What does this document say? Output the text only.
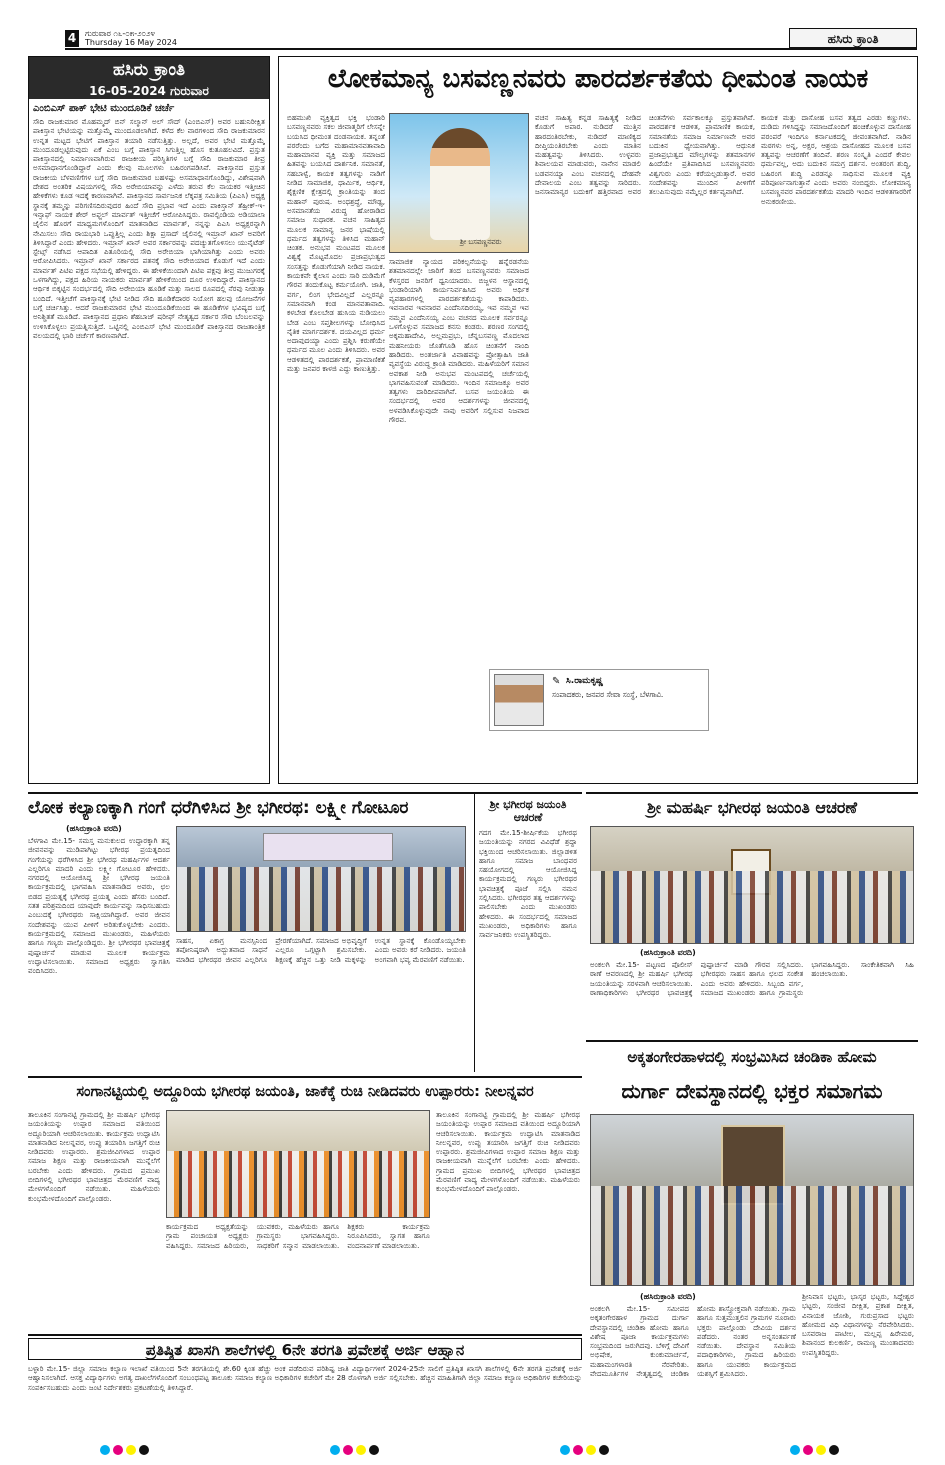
4	ಗುರುವಾರ ೧೬-೦೫-೨೦೨೪
Thursday 16 May 2024	ಹಸಿರು ಕ್ರಾಂತಿ
ಹಸಿರು ಕ್ರಾಂತಿ
16-05-2024 ಗುರುವಾರ
ಎಂಬಿಎಸ್ ಪಾಕ್ ಭೇಟಿ ಮುಂದೂಡಿಕೆ ಚರ್ಚೆ
ಸೌದಿ ರಾಜಕುಮಾರ ಮೊಹಮ್ಮದ್ ಬಿನ್ ಸಲ್ಮಾನ್ ಅಲ್ ಸೌದ್ (ಎಂಬಿಎಸ್) ಅವರ ಬಹುನಿರೀಕ್ಷಿತ ಪಾಕಿಸ್ತಾನ ಭೇಟಿಯನ್ನು ಮತ್ತೊಮ್ಮೆ ಮುಂದೂಡಲಾಗಿದೆ. ಕಳೆದ ಕೆಲ ವಾರಗಳಿಂದ ಸೌದಿ ರಾಜಕುಮಾರನ ಉನ್ನತ ಮಟ್ಟದ ಭೇಟಿಗೆ ಪಾಕಿಸ್ತಾನ ತಯಾರಿ ನಡೆಸುತ್ತಿತ್ತು. ಅಲ್ಲದೆ, ಅವರ ಭೇಟಿ ಮತ್ತೊಮ್ಮೆ ಮುಂದೂಡಲ್ಪಟ್ಟಿರುವುದು ಏಕೆ ಎಂಬ ಬಗ್ಗೆ ಪಾಕಿಸ್ತಾನ ಸಿಗುತ್ತಿಲ್ಲ ಹೊಸ ಕುತೂಹಲವಿದೆ. ಪ್ರಸ್ತುತ ಪಾಕಿಸ್ತಾನದಲ್ಲಿ ನಿರ್ಮಾಣವಾಗಿರುವ ರಾಜಕೀಯ ಪರಿಸ್ಥಿತಿಗಳ ಬಗ್ಗೆ ಸೌದಿ ರಾಜಕುಮಾರ ತೀವ್ರ ಅಸಮಾಧಾನಗೊಂಡಿದ್ದಾರೆ ಎಂದು ಕೆಲವು ಮೂಲಗಳು ಬಹಿರಂಗಪಡಿಸಿವೆ. ಪಾಕಿಸ್ತಾನದ ಪ್ರಸ್ತುತ ರಾಜಕೀಯ ಬೆಳವಣಿಗೆಗಳ ಬಗ್ಗೆ ಸೌದಿ ರಾಜಕುಮಾರ ಬಹಳಷ್ಟು ಅಸಮಾಧಾನಗೊಂಡಿದ್ದು, ವಿಶೇಷವಾಗಿ ದೇಶದ ಅಂತರಿಕ ವಿಷಯಗಳಲ್ಲಿ ಸೌದಿ ಅರೇಬಿಯಾವನ್ನು ಎಳೆದು ತರುವ ಕೆಲ ನಾಯಕರ ಇತ್ತೀಚಿನ ಹೇಳಿಕೆಗಳು ಕೂಡ ಇದಕ್ಕೆ ಕಾರಣವಾಗಿವೆ. ಪಾಕಿಸ್ತಾನದ ಸಾರ್ವಜನಿಕ ಲೆಕ್ಕಪತ್ರ ಸಮಿತಿಯ (ಪಿಎಸಿ) ಅಧ್ಯಕ್ಷ ಸ್ಥಾನಕ್ಕೆ ತಮ್ಮನ್ನು ಪರಿಗಣಿಸದಿರುವುದರ ಹಿಂದೆ ಸೌದಿ ಪ್ರಭಾವ ಇದೆ ಎಂದು ಪಾಕಿಸ್ತಾನ್ ತೆಹ್ರೀಕ್-ಇ-ಇನ್ಸಾಫ್ ನಾಯಕ ಶೇರ್ ಅಫ್ಜಲ್ ಮಾರ್ವತ್ ಇತ್ತೀಚೆಗೆ ಆರೋಪಿಸಿದ್ದರು. ರಾವಲ್ಪಿಂಡಿಯ ಅಡಿಯಾಲಾ ಜೈಲಿನ ಹೊರಗೆ ಮಾಧ್ಯಮಗಳೊಂದಿಗೆ ಮಾತನಾಡಿದ ಮಾರ್ವತ್, ನನ್ನನ್ನು ಪಿಎಸಿ ಅಧ್ಯಕ್ಷರನ್ನಾಗಿ ನೇಮಿಸಲು ಸೌದಿ ರಾಯಭಾರಿ ಒಪ್ಪುತ್ತಿಲ್ಲ ಎಂದು ಶಿಕ್ಷಾ ಪ್ರಸಾದ್ ಜೈಲಿನಲ್ಲಿ ಇಮ್ರಾನ್ ಖಾನ್ ಅವರಿಗೆ ತಿಳಿಸಿದ್ದಾರೆ ಎಂದು ಹೇಳಿದರು. ಇಮ್ರಾನ್ ಖಾನ್ ಅವರ ಸರ್ಕಾರವನ್ನು ಪದಚ್ಯುತಗೊಳಿಸಲು ಯುನೈಟೆಡ್ ಸ್ಟೇಟ್ಸ್ ನಡೆಸಿದ ಆಪಾದಿತ ಪಿತೂರಿಯಲ್ಲಿ ಸೌದಿ ಅರೇಬಿಯಾ ಭಾಗಿಯಾಗಿತ್ತು ಎಂದು ಅವರು ಆರೋಪಿಸಿದರು. ಇಮ್ರಾನ್ ಖಾನ್ ಸರ್ಕಾರದ ಪತನಕ್ಕೆ ಸೌದಿ ಅರೇಬಿಯಾದ ಕೊಡುಗೆ ಇದೆ ಎಂದು ಮಾರ್ವತ್ ಪಿಟಿಐ ಪಕ್ಷದ ಸಭೆಯಲ್ಲಿ ಹೇಳಿದ್ದರು. ಈ ಹೇಳಿಕೆಯಿಂದಾಗಿ ಪಿಟಿಐ ಪಕ್ಷವು ತೀವ್ರ ಮುಜುಗರಕ್ಕೆ ಒಳಗಾಗಿದ್ದು, ಪಕ್ಷದ ಹಿರಿಯ ನಾಯಕರು ಮಾರ್ವತ್ ಹೇಳಿಕೆಯಿಂದ ದೂರ ಉಳಿದಿದ್ದಾರೆ. ಪಾಕಿಸ್ತಾನದ ಆರ್ಥಿಕ ಬಿಕ್ಕಟ್ಟಿನ ಸಂದರ್ಭದಲ್ಲಿ ಸೌದಿ ಅರೇಬಿಯಾ ಹೂಡಿಕೆ ಮತ್ತು ಸಾಲದ ರೂಪದಲ್ಲಿ ನೆರವು ನೀಡುತ್ತಾ ಬಂದಿದೆ. ಇತ್ತೀಚೆಗೆ ಪಾಕಿಸ್ತಾನಕ್ಕೆ ಭೇಟಿ ನೀಡಿದ ಸೌದಿ ಹೂಡಿಕೆದಾರರ ನಿಯೋಗ ಹಲವು ಯೋಜನೆಗಳ ಬಗ್ಗೆ ಚರ್ಚಿಸಿತ್ತು. ಆದರೆ ರಾಜಕುಮಾರನ ಭೇಟಿ ಮುಂದೂಡಿಕೆಯಿಂದ ಈ ಹೂಡಿಕೆಗಳ ಭವಿಷ್ಯದ ಬಗ್ಗೆ ಅನಿಶ್ಚಿತತೆ ಮೂಡಿದೆ. ಪಾಕಿಸ್ತಾನದ ಪ್ರಧಾನಿ ಶೆಹಬಾಜ್ ಷರೀಫ್ ನೇತೃತ್ವದ ಸರ್ಕಾರ ಸೌದಿ ಬೆಂಬಲವನ್ನು ಉಳಿಸಿಕೊಳ್ಳಲು ಪ್ರಯತ್ನಿಸುತ್ತಿದೆ. ಒಟ್ಟಿನಲ್ಲಿ ಎಂಬಿಎಸ್ ಭೇಟಿ ಮುಂದೂಡಿಕೆ ಪಾಕಿಸ್ತಾನದ ರಾಜತಾಂತ್ರಿಕ ವಲಯದಲ್ಲಿ ಭಾರಿ ಚರ್ಚೆಗೆ ಕಾರಣವಾಗಿದೆ.
ಲೋಕಮಾನ್ಯ ಬಸವಣ್ಣನವರು ಪಾರದರ್ಶಕತೆಯ ಧೀಮಂತ ನಾಯಕ
ಶ್ರೀ ಬಸವಣ್ಣನವರು
ಬಿಹಮುಖಿ ವ್ಯಕ್ತಿತ್ವದ ಭಕ್ತಿ ಭಂಡಾರಿ ಬಸವಣ್ಣನವರು ಸಕಲ ಜೀವಾತ್ಮರಿಗೆ ಲೇಸನ್ನೇ ಬಯಸಿದ ಧೀಮಂತ ದಂಡನಾಯಕ. ತನ್ನಂತೆ ಪರರೆಂದು ಬಗೆದ ಮಹಾಮಾನವತಾವಾದಿ ಮಹಾಮಾನವ ವ್ಯಕ್ತಿ ಮತ್ತು ಸಮಾಜದ ಹಿತವನ್ನು ಬಯಸಿದ ದಾರ್ಶನಿಕ. ಸಮಾನತೆ, ಸಹಬಾಳ್ವೆ, ಕಾಯಕ ತತ್ವಗಳನ್ನು ನಾಡಿಗೆ ನೀಡಿದ ಸಾಮಾಜಿಕ, ಧಾರ್ಮಿಕ, ಆರ್ಥಿಕ, ಶೈಕ್ಷಣಿಕ ಕ್ಷೇತ್ರದಲ್ಲಿ ಕ್ರಾಂತಿಯನ್ನು ತಂದ ಮಹಾನ್ ಪುರುಷ. ಅಂಧಶ್ರದ್ಧೆ, ಮೌಢ್ಯ, ಅಸಮಾನತೆಯ ವಿರುದ್ಧ ಹೋರಾಡಿದ ಸಮಾಜ ಸುಧಾರಕ. ವಚನ ಸಾಹಿತ್ಯದ ಮೂಲಕ ಸಾಮಾನ್ಯ ಜನರ ಭಾಷೆಯಲ್ಲಿ ಧರ್ಮದ ತತ್ವಗಳನ್ನು ತಿಳಿಸಿದ ಮಹಾನ್ ಚಿಂತಕ. ಅನುಭವ ಮಂಟಪದ ಮೂಲಕ ವಿಶ್ವಕ್ಕೆ ಮೊಟ್ಟಮೊದಲ ಪ್ರಜಾಪ್ರಭುತ್ವದ ಸಂಸತ್ತನ್ನು ಕೊಡುಗೆಯಾಗಿ ನೀಡಿದ ನಾಯಕ. ಕಾಯಕವೇ ಕೈಲಾಸ ಎಂದು ಸಾರಿ ದುಡಿಮೆಗೆ ಗೌರವ ತಂದುಕೊಟ್ಟ ಕರ್ಮಯೋಗಿ. ಜಾತಿ, ವರ್ಗ, ಲಿಂಗ ಭೇದವಿಲ್ಲದೆ ಎಲ್ಲರನ್ನೂ ಸಮಾನವಾಗಿ ಕಂಡ ಮಾನವತಾವಾದಿ. ಕಳಬೇಡ ಕೊಲಬೇಡ ಹುಸಿಯ ನುಡಿಯಲು ಬೇಡ ಎಂಬ ಸಪ್ತಶೀಲಗಳನ್ನು ಬೋಧಿಸಿದ ನೈತಿಕ ಮಾರ್ಗದರ್ಶಕ. ದಯವಿಲ್ಲದ ಧರ್ಮ ಅದಾವುದಯ್ಯಾ ಎಂದು ಪ್ರಶ್ನಿಸಿ ಕರುಣೆಯೇ ಧರ್ಮದ ಮೂಲ ಎಂದು ತಿಳಿಸಿದರು. ಅವರ ಆಡಳಿತದಲ್ಲಿ ಪಾರದರ್ಶಕತೆ, ಪ್ರಾಮಾಣಿಕತೆ ಮತ್ತು ಜನಪರ ಕಾಳಜಿ ಎದ್ದು ಕಾಣುತ್ತಿತ್ತು.
ಸಾಮಾಜಿಕ ನ್ಯಾಯದ ಪರಿಕಲ್ಪನೆಯನ್ನು ಹನ್ನೆರಡನೆಯ ಶತಮಾನದಲ್ಲೇ ಜಾರಿಗೆ ತಂದ ಬಸವಣ್ಣನವರು ಸಮಾಜದ ಕೆಳಸ್ತರದ ಜನರಿಗೆ ಧ್ವನಿಯಾದರು. ಬಿಜ್ಜಳನ ಆಸ್ಥಾನದಲ್ಲಿ ಭಂಡಾರಿಯಾಗಿ ಕಾರ್ಯನಿರ್ವಹಿಸಿದ ಅವರು ಆರ್ಥಿಕ ವ್ಯವಹಾರಗಳಲ್ಲಿ ಪಾರದರ್ಶಕತೆಯನ್ನು ಕಾಪಾಡಿದರು. ಇವನಾರವ ಇವನಾರವ ಎಂದೆನಿಸದಿರಯ್ಯ, ಇವ ನಮ್ಮವ ಇವ ನಮ್ಮವ ಎಂದೆನಿಸಯ್ಯ ಎಂಬ ವಚನದ ಮೂಲಕ ಸರ್ವರನ್ನೂ ಒಳಗೊಳ್ಳುವ ಸಮಾಜದ ಕನಸು ಕಂಡರು. ಶರಣರ ಸಂಗದಲ್ಲಿ ಅಕ್ಕಮಹಾದೇವಿ, ಅಲ್ಲಮಪ್ರಭು, ಚೆನ್ನಬಸವಣ್ಣ ಮೊದಲಾದ ಮಹನೀಯರು ಜೊತೆಗೂಡಿ ಹೊಸ ಚಿಂತನೆಗೆ ನಾಂದಿ ಹಾಡಿದರು. ಅಂತರ್ಜಾತಿ ವಿವಾಹವನ್ನು ಪ್ರೋತ್ಸಾಹಿಸಿ ಜಾತಿ ವ್ಯವಸ್ಥೆಯ ವಿರುದ್ಧ ಕ್ರಾಂತಿ ಮಾಡಿದರು. ಮಹಿಳೆಯರಿಗೆ ಸಮಾನ ಅವಕಾಶ ನೀಡಿ ಅನುಭವ ಮಂಟಪದಲ್ಲಿ ಚರ್ಚೆಯಲ್ಲಿ ಭಾಗವಹಿಸುವಂತೆ ಮಾಡಿದರು. ಇಂದಿನ ಸಮಾಜಕ್ಕೂ ಅವರ ತತ್ವಗಳು ದಾರಿದೀಪವಾಗಿವೆ. ಬಸವ ಜಯಂತಿಯ ಈ ಸಂದರ್ಭದಲ್ಲಿ ಅವರ ಆದರ್ಶಗಳನ್ನು ಜೀವನದಲ್ಲಿ ಅಳವಡಿಸಿಕೊಳ್ಳುವುದೇ ನಾವು ಅವರಿಗೆ ಸಲ್ಲಿಸುವ ನಿಜವಾದ ಗೌರವ.
ವಚನ ಸಾಹಿತ್ಯ ಕನ್ನಡ ಸಾಹಿತ್ಯಕ್ಕೆ ನೀಡಿದ ಕೊಡುಗೆ ಅಪಾರ. ನುಡಿದರೆ ಮುತ್ತಿನ ಹಾರದಂತಿರಬೇಕು, ನುಡಿದರೆ ಮಾಣಿಕ್ಯದ ದೀಪ್ತಿಯಂತಿರಬೇಕು ಎಂದು ಮಾತಿನ ಮಹತ್ವವನ್ನು ತಿಳಿಸಿದರು. ಉಳ್ಳವರು ಶಿವಾಲಯವ ಮಾಡುವರು, ನಾನೇನ ಮಾಡಲಿ ಬಡವನಯ್ಯಾ ಎಂಬ ವಚನದಲ್ಲಿ ದೇಹವೇ ದೇವಾಲಯ ಎಂಬ ತತ್ವವನ್ನು ಸಾರಿದರು. ಜನಸಾಮಾನ್ಯರ ಬದುಕಿಗೆ ಹತ್ತಿರವಾದ ಅವರ ಚಿಂತನೆಗಳು ಸರ್ವಕಾಲಕ್ಕೂ ಪ್ರಸ್ತುತವಾಗಿವೆ. ಪಾರದರ್ಶಕ ಆಡಳಿತ, ಪ್ರಾಮಾಣಿಕ ಕಾಯಕ, ಸಮಾನತೆಯ ಸಮಾಜ ನಿರ್ಮಾಣವೇ ಅವರ ಬದುಕಿನ ಧ್ಯೇಯವಾಗಿತ್ತು. ಆಧುನಿಕ ಪ್ರಜಾಪ್ರಭುತ್ವದ ಮೌಲ್ಯಗಳನ್ನು ಶತಮಾನಗಳ ಹಿಂದೆಯೇ ಪ್ರತಿಪಾದಿಸಿದ ಬಸವಣ್ಣನವರು ವಿಶ್ವಗುರು ಎಂದು ಕರೆಯಲ್ಪಡುತ್ತಾರೆ. ಅವರ ಸಂದೇಶವನ್ನು ಮುಂದಿನ ಪೀಳಿಗೆಗೆ ತಲುಪಿಸುವುದು ನಮ್ಮೆಲ್ಲರ ಕರ್ತವ್ಯವಾಗಿದೆ.
✎ ಸಿ.ರಾಮಕೃಷ್ಣ
ಸಂಪಾದಕರು, ಜನಪರ ಸೇವಾ ಸಂಸ್ಥೆ, ಬೆಳಗಾವಿ.
ಕಾಯಕ ಮತ್ತು ದಾಸೋಹ ಬಸವ ತತ್ವದ ಎರಡು ಕಣ್ಣುಗಳು. ದುಡಿದು ಗಳಿಸಿದ್ದನ್ನು ಸಮಾಜದೊಂದಿಗೆ ಹಂಚಿಕೊಳ್ಳುವ ದಾಸೋಹ ಪರಂಪರೆ ಇಂದಿಗೂ ಕರ್ನಾಟಕದಲ್ಲಿ ಜೀವಂತವಾಗಿದೆ. ನಾಡಿನ ಮಠಗಳು ಅನ್ನ, ಅಕ್ಷರ, ಆಶ್ರಯ ದಾಸೋಹದ ಮೂಲಕ ಬಸವ ತತ್ವವನ್ನು ಆಚರಣೆಗೆ ತಂದಿವೆ. ಶರಣ ಸಂಸ್ಕೃತಿ ಎಂದರೆ ಕೇವಲ ಧರ್ಮವಲ್ಲ, ಅದು ಬದುಕಿನ ಸಮಗ್ರ ದರ್ಶನ. ಅಂತರಂಗ ಶುದ್ಧಿ, ಬಹಿರಂಗ ಶುದ್ಧಿ ಎರಡನ್ನೂ ಸಾಧಿಸುವ ಮೂಲಕ ವ್ಯಕ್ತಿ ಪರಿಪೂರ್ಣನಾಗುತ್ತಾನೆ ಎಂದು ಅವರು ನಂಬಿದ್ದರು. ಲೋಕಮಾನ್ಯ ಬಸವಣ್ಣನವರ ಪಾರದರ್ಶಕತೆಯ ಮಾದರಿ ಇಂದಿನ ಆಡಳಿತಗಾರರಿಗೆ ಅನುಕರಣೀಯ.
ಲೋಕ ಕಲ್ಯಾಣಕ್ಕಾಗಿ ಗಂಗೆ ಧರೆಗಿಳಿಸಿದ ಶ್ರೀ ಭಗೀರಥ: ಲಕ್ಷ್ಮೀ ಗೋಟೂರ
(ಹಸಿರುಕ್ರಾಂತಿ ವರದಿ)
ಬೆಳಗಾವಿ ಮೇ.15- ಸಮಸ್ತ ಮನುಕುಲದ ಉದ್ಧಾರಕ್ಕಾಗಿ ತನ್ನ ಜೀವನವನ್ನು ಮುಡಿಪಾಗಿಟ್ಟು ಭಗೀರಥ ಪ್ರಯತ್ನದಿಂದ ಗಂಗೆಯನ್ನು ಧರೆಗಿಳಿಸಿದ ಶ್ರೀ ಭಗೀರಥ ಮಹರ್ಷಿಗಳ ಆದರ್ಶ ಎಲ್ಲರಿಗೂ ಮಾದರಿ ಎಂದು ಲಕ್ಷ್ಮೀ ಗೋಟೂರ ಹೇಳಿದರು. ನಗರದಲ್ಲಿ ಆಯೋಜಿಸಿದ್ದ ಶ್ರೀ ಭಗೀರಥ ಜಯಂತಿ ಕಾರ್ಯಕ್ರಮದಲ್ಲಿ ಭಾಗವಹಿಸಿ ಮಾತನಾಡಿದ ಅವರು, ಛಲ ಬಿಡದ ಪ್ರಯತ್ನಕ್ಕೆ ಭಗೀರಥ ಪ್ರಯತ್ನ ಎಂದು ಹೆಸರು ಬಂದಿದೆ. ಸತತ ಪರಿಶ್ರಮದಿಂದ ಯಾವುದೇ ಕಾರ್ಯವನ್ನು ಸಾಧಿಸಬಹುದು ಎಂಬುದಕ್ಕೆ ಭಗೀರಥರು ಸಾಕ್ಷಿಯಾಗಿದ್ದಾರೆ. ಅವರ ಜೀವನ ಸಂದೇಶವನ್ನು ಯುವ ಪೀಳಿಗೆ ಅರಿತುಕೊಳ್ಳಬೇಕು ಎಂದರು. ಕಾರ್ಯಕ್ರಮದಲ್ಲಿ ಸಮಾಜದ ಮುಖಂಡರು, ಮಹಿಳೆಯರು ಹಾಗೂ ಗಣ್ಯರು ಪಾಲ್ಗೊಂಡಿದ್ದರು. ಶ್ರೀ ಭಗೀರಥರ ಭಾವಚಿತ್ರಕ್ಕೆ ಪುಷ್ಪಾರ್ಚನೆ ಮಾಡುವ ಮೂಲಕ ಕಾರ್ಯಕ್ರಮ ಉದ್ಘಾಟಿಸಲಾಯಿತು. ಸಮಾಜದ ಅಧ್ಯಕ್ಷರು ಸ್ವಾಗತಿಸಿ ವಂದಿಸಿದರು.
ಸಾಹಸ, ಏಕಾಗ್ರ ಮನಸ್ಸಿನಿಂದ ತಪೋನಿಷ್ಠರಾಗಿ ಅದ್ಭುತವಾದ ಸಾಧನೆ ಮಾಡಿದ ಭಗೀರಥರ ಜೀವನ ಎಲ್ಲರಿಗೂ ಪ್ರೇರಣೆಯಾಗಿದೆ. ಸಮಾಜದ ಅಭಿವೃದ್ಧಿಗೆ ಎಲ್ಲರೂ ಒಗ್ಗಟ್ಟಾಗಿ ಶ್ರಮಿಸಬೇಕು. ಶಿಕ್ಷಣಕ್ಕೆ ಹೆಚ್ಚಿನ ಒತ್ತು ನೀಡಿ ಮಕ್ಕಳನ್ನು ಉನ್ನತ ಸ್ಥಾನಕ್ಕೆ ಕೊಂಡೊಯ್ಯಬೇಕು ಎಂದು ಅವರು ಕರೆ ನೀಡಿದರು. ಜಯಂತಿ ಅಂಗವಾಗಿ ಭವ್ಯ ಮೆರವಣಿಗೆ ನಡೆಯಿತು.
ಶ್ರೀ ಭಗೀರಥ ಜಯಂತಿ ಆಚರಣೆ
ಗದಗ ಮೇ.15-ಶೀರ್ಷಿಕೆಯ ಭಗೀರಥ ಜಯಂತಿಯನ್ನು ನಗರದ ವಿವಿಧೆಡೆ ಶ್ರದ್ಧಾ ಭಕ್ತಿಯಿಂದ ಆಚರಿಸಲಾಯಿತು. ಜಿಲ್ಲಾಡಳಿತ ಹಾಗೂ ಸಮಾಜ ಬಾಂಧವರ ಸಹಯೋಗದಲ್ಲಿ ಆಯೋಜಿಸಿದ್ದ ಕಾರ್ಯಕ್ರಮದಲ್ಲಿ ಗಣ್ಯರು ಭಗೀರಥರ ಭಾವಚಿತ್ರಕ್ಕೆ ಪೂಜೆ ಸಲ್ಲಿಸಿ ನಮನ ಸಲ್ಲಿಸಿದರು. ಭಗೀರಥರ ತತ್ವ ಆದರ್ಶಗಳನ್ನು ಪಾಲಿಸಬೇಕು ಎಂದು ಮುಖಂಡರು ಹೇಳಿದರು. ಈ ಸಂದರ್ಭದಲ್ಲಿ ಸಮಾಜದ ಮುಖಂಡರು, ಅಧಿಕಾರಿಗಳು ಹಾಗೂ ಸಾರ್ವಜನಿಕರು ಉಪಸ್ಥಿತರಿದ್ದರು.
ಶ್ರೀ ಮಹರ್ಷಿ ಭಗೀರಥ ಜಯಂತಿ ಆಚರಣೆ
(ಹಸಿರುಕ್ರಾಂತಿ ವರದಿ)
ಅಂಕಲಗಿ ಮೇ.15- ಪಟ್ಟಣದ ಪೊಲೀಸ್ ಠಾಣೆ ಆವರಣದಲ್ಲಿ ಶ್ರೀ ಮಹರ್ಷಿ ಭಗೀರಥ ಜಯಂತಿಯನ್ನು ಸರಳವಾಗಿ ಆಚರಿಸಲಾಯಿತು. ಠಾಣಾಧಿಕಾರಿಗಳು ಭಗೀರಥರ ಭಾವಚಿತ್ರಕ್ಕೆ ಪುಷ್ಪಾರ್ಚನೆ ಮಾಡಿ ಗೌರವ ಸಲ್ಲಿಸಿದರು. ಭಗೀರಥರು ಸಾಹಸ ಹಾಗೂ ಛಲದ ಸಂಕೇತ ಎಂದು ಅವರು ಹೇಳಿದರು. ಸಿಬ್ಬಂದಿ ವರ್ಗ, ಸಮಾಜದ ಮುಖಂಡರು ಹಾಗೂ ಗ್ರಾಮಸ್ಥರು ಭಾಗವಹಿಸಿದ್ದರು. ಸಾಂಕೇತಿಕವಾಗಿ ಸಿಹಿ ಹಂಚಲಾಯಿತು.
ಸಂಗಾನಟ್ಟಿಯಲ್ಲಿ ಅದ್ದೂರಿಯ ಭಗೀರಥ ಜಯಂತಿ, ಜಾಕೆಕ್ಕೆ ರುಚಿ ನೀಡಿದವರು ಉಪ್ಪಾರರು: ನೀಲನ್ನವರ
ತಾಲೂಕಿನ ಸಂಗಾನಟ್ಟಿ ಗ್ರಾಮದಲ್ಲಿ ಶ್ರೀ ಮಹರ್ಷಿ ಭಗೀರಥ ಜಯಂತಿಯನ್ನು ಉಪ್ಪಾರ ಸಮಾಜದ ವತಿಯಿಂದ ಅದ್ದೂರಿಯಾಗಿ ಆಚರಿಸಲಾಯಿತು. ಕಾರ್ಯಕ್ರಮ ಉದ್ಘಾಟಿಸಿ ಮಾತನಾಡಿದ ನೀಲನ್ನವರ, ಉಪ್ಪು ತಯಾರಿಸಿ ಜಗತ್ತಿಗೆ ರುಚಿ ನೀಡಿದವರು ಉಪ್ಪಾರರು. ಶ್ರಮಜೀವಿಗಳಾದ ಉಪ್ಪಾರ ಸಮಾಜ ಶಿಕ್ಷಣ ಮತ್ತು ರಾಜಕೀಯವಾಗಿ ಮುನ್ನೆಲೆಗೆ ಬರಬೇಕು ಎಂದು ಹೇಳಿದರು. ಗ್ರಾಮದ ಪ್ರಮುಖ ಬೀದಿಗಳಲ್ಲಿ ಭಗೀರಥರ ಭಾವಚಿತ್ರದ ಮೆರವಣಿಗೆ ವಾದ್ಯ ಮೇಳಗಳೊಂದಿಗೆ ನಡೆಯಿತು. ಮಹಿಳೆಯರು ಕುಂಭಮೇಳದೊಂದಿಗೆ ಪಾಲ್ಗೊಂಡರು.
ಕಾರ್ಯಕ್ರಮದ ಅಧ್ಯಕ್ಷತೆಯನ್ನು ಗ್ರಾಮ ಪಂಚಾಯತ ಅಧ್ಯಕ್ಷರು ವಹಿಸಿದ್ದರು. ಸಮಾಜದ ಹಿರಿಯರು, ಯುವಕರು, ಮಹಿಳೆಯರು ಹಾಗೂ ಗ್ರಾಮಸ್ಥರು ಭಾಗವಹಿಸಿದ್ದರು. ಸಾಧಕರಿಗೆ ಸನ್ಮಾನ ಮಾಡಲಾಯಿತು. ಶಿಕ್ಷಕರು ಕಾರ್ಯಕ್ರಮ ನಿರೂಪಿಸಿದರು, ಸ್ವಾಗತ ಹಾಗೂ ವಂದನಾರ್ಪಣೆ ಮಾಡಲಾಯಿತು.
ತಾಲೂಕಿನ ಸಂಗಾನಟ್ಟಿ ಗ್ರಾಮದಲ್ಲಿ ಶ್ರೀ ಮಹರ್ಷಿ ಭಗೀರಥ ಜಯಂತಿಯನ್ನು ಉಪ್ಪಾರ ಸಮಾಜದ ವತಿಯಿಂದ ಅದ್ದೂರಿಯಾಗಿ ಆಚರಿಸಲಾಯಿತು. ಕಾರ್ಯಕ್ರಮ ಉದ್ಘಾಟಿಸಿ ಮಾತನಾಡಿದ ನೀಲನ್ನವರ, ಉಪ್ಪು ತಯಾರಿಸಿ ಜಗತ್ತಿಗೆ ರುಚಿ ನೀಡಿದವರು ಉಪ್ಪಾರರು. ಶ್ರಮಜೀವಿಗಳಾದ ಉಪ್ಪಾರ ಸಮಾಜ ಶಿಕ್ಷಣ ಮತ್ತು ರಾಜಕೀಯವಾಗಿ ಮುನ್ನೆಲೆಗೆ ಬರಬೇಕು ಎಂದು ಹೇಳಿದರು. ಗ್ರಾಮದ ಪ್ರಮುಖ ಬೀದಿಗಳಲ್ಲಿ ಭಗೀರಥರ ಭಾವಚಿತ್ರದ ಮೆರವಣಿಗೆ ವಾದ್ಯ ಮೇಳಗಳೊಂದಿಗೆ ನಡೆಯಿತು. ಮಹಿಳೆಯರು ಕುಂಭಮೇಳದೊಂದಿಗೆ ಪಾಲ್ಗೊಂಡರು.
ಅಕ್ಕತಂಗೇರಹಾಳದಲ್ಲಿ ಸಂಭ್ರಮಿಸಿದ ಚಂಡಿಕಾ ಹೋಮ
ದುರ್ಗಾ ದೇವಸ್ಥಾನದಲ್ಲಿ ಭಕ್ತರ ಸಮಾಗಮ
(ಹಸಿರುಕ್ರಾಂತಿ ವರದಿ)
ಅಂಕಲಗಿ ಮೇ.15- ಸಮೀಪದ ಅಕ್ಕತಂಗೇರಹಾಳ ಗ್ರಾಮದ ದುರ್ಗಾ ದೇವಸ್ಥಾನದಲ್ಲಿ ಚಂಡಿಕಾ ಹೋಮ ಹಾಗೂ ವಿಶೇಷ ಪೂಜಾ ಕಾರ್ಯಕ್ರಮಗಳು ಸಂಭ್ರಮದಿಂದ ಜರುಗಿದವು. ಬೆಳಿಗ್ಗೆ ದೇವಿಗೆ ಅಭಿಷೇಕ, ಕುಂಕುಮಾರ್ಚನೆ, ಮಹಾಮಂಗಳಾರತಿ ನೆರವೇರಿತು. ವೇದಮೂರ್ತಿಗಳ ನೇತೃತ್ವದಲ್ಲಿ ಚಂಡಿಕಾ ಹೋಮ ಶಾಸ್ತ್ರೋಕ್ತವಾಗಿ ನಡೆಯಿತು. ಗ್ರಾಮ ಹಾಗೂ ಸುತ್ತಮುತ್ತಲಿನ ಗ್ರಾಮಗಳ ನೂರಾರು ಭಕ್ತರು ಪಾಲ್ಗೊಂಡು ದೇವಿಯ ದರ್ಶನ ಪಡೆದರು. ನಂತರ ಅನ್ನಸಂತರ್ಪಣೆ ನಡೆಯಿತು. ದೇವಸ್ಥಾನ ಸಮಿತಿಯ ಪದಾಧಿಕಾರಿಗಳು, ಗ್ರಾಮದ ಹಿರಿಯರು ಹಾಗೂ ಯುವಕರು ಕಾರ್ಯಕ್ರಮದ ಯಶಸ್ಸಿಗೆ ಶ್ರಮಿಸಿದರು.
ಶ್ರೀನಿವಾಸ ಭಟ್ಟರು, ಭಾಸ್ಕರ ಭಟ್ಟರು, ಸಿದ್ದೇಶ್ವರ ಭಟ್ಟರು, ಸಂಜೀವ ದೀಕ್ಷಿತ, ಪ್ರಕಾಶ ದೀಕ್ಷಿತ, ವಿನಾಯಕ ಜೋಶಿ, ಗುರುಪ್ರಸಾದ ಭಟ್ಟರು ಹೋಮದ ವಿಧಿ ವಿಧಾನಗಳನ್ನು ನೆರವೇರಿಸಿದರು. ಬಸವರಾಜ ಪಾಟೀಲ, ಮಲ್ಲಪ್ಪ ಹಿರೇಮಠ, ಶಿವಾನಂದ ಕುಲಕರ್ಣಿ, ರಾಮಣ್ಣ ಮುಂತಾದವರು ಉಪಸ್ಥಿತರಿದ್ದರು.
ಪ್ರತಿಷ್ಠಿತ ಖಾಸಗಿ ಶಾಲೆಗಳಲ್ಲಿ 6ನೇ ತರಗತಿ ಪ್ರವೇಶಕ್ಕೆ ಅರ್ಜಿ ಆಹ್ವಾನ
ಬಳ್ಳಾರಿ ಮೇ.15- ಜಿಲ್ಲಾ ಸಮಾಜ ಕಲ್ಯಾಣ ಇಲಾಖೆ ವತಿಯಿಂದ 5ನೇ ತರಗತಿಯಲ್ಲಿ ಶೇ.60 ಕ್ಕಿಂತ ಹೆಚ್ಚು ಅಂಕ ಪಡೆದಿರುವ ಪರಿಶಿಷ್ಟ ಜಾತಿ ವಿದ್ಯಾರ್ಥಿಗಳಿಗೆ 2024-25ನೇ ಸಾಲಿಗೆ ಪ್ರತಿಷ್ಠಿತ ಖಾಸಗಿ ಶಾಲೆಗಳಲ್ಲಿ 6ನೇ ತರಗತಿ ಪ್ರವೇಶಕ್ಕೆ ಅರ್ಜಿ ಆಹ್ವಾನಿಸಲಾಗಿದೆ. ಆಸಕ್ತ ವಿದ್ಯಾರ್ಥಿಗಳು ಅಗತ್ಯ ದಾಖಲೆಗಳೊಂದಿಗೆ ಸಂಬಂಧಪಟ್ಟ ತಾಲೂಕು ಸಮಾಜ ಕಲ್ಯಾಣ ಅಧಿಕಾರಿಗಳ ಕಚೇರಿಗೆ ಮೇ 28 ರೊಳಗಾಗಿ ಅರ್ಜಿ ಸಲ್ಲಿಸಬೇಕು. ಹೆಚ್ಚಿನ ಮಾಹಿತಿಗಾಗಿ ಜಿಲ್ಲಾ ಸಮಾಜ ಕಲ್ಯಾಣ ಅಧಿಕಾರಿಗಳ ಕಚೇರಿಯನ್ನು ಸಂಪರ್ಕಿಸಬಹುದು ಎಂದು ಜಂಟಿ ನಿರ್ದೇಶಕರು ಪ್ರಕಟಣೆಯಲ್ಲಿ ತಿಳಿಸಿದ್ದಾರೆ.
